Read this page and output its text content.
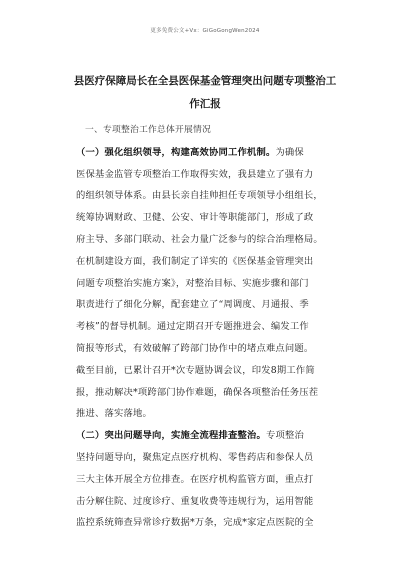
更多免费公文+Vx：GiGoGongWen2024
县医疗保障局长在全县医保基金管理突出问题专项整治工
作汇报
　一、专项整治工作总体开展情况
（一）强化组织领导，构建高效协同工作机制。为确保
医保基金监管专项整治工作取得实效，我县建立了强有力
的组织领导体系。由县长亲自挂帅担任专项领导小组组长，
统筹协调财政、卫健、公安、审计等职能部门，形成了政
府主导、多部门联动、社会力量广泛参与的综合治理格局。
在机制建设方面，我们制定了详实的《医保基金管理突出
问题专项整治实施方案》，对整治目标、实施步骤和部门
职责进行了细化分解，配套建立了“周调度、月通报、季
考核”的督导机制。通过定期召开专题推进会、编发工作
简报等形式，有效破解了跨部门协作中的堵点难点问题。
截至目前，已累计召开*次专题协调会议，印发8期工作简
报，推动解决*项跨部门协作难题，确保各项整治任务压茬
推进、落实落地。
（二）突出问题导向，实施全流程排查整治。专项整治
坚持问题导向，聚焦定点医疗机构、零售药店和参保人员
三大主体开展全方位排查。在医疗机构监管方面，重点打
击分解住院、过度诊疗、重复收费等违规行为，运用智能
监控系统筛查异常诊疗数据*万条，完成*家定点医院的全
